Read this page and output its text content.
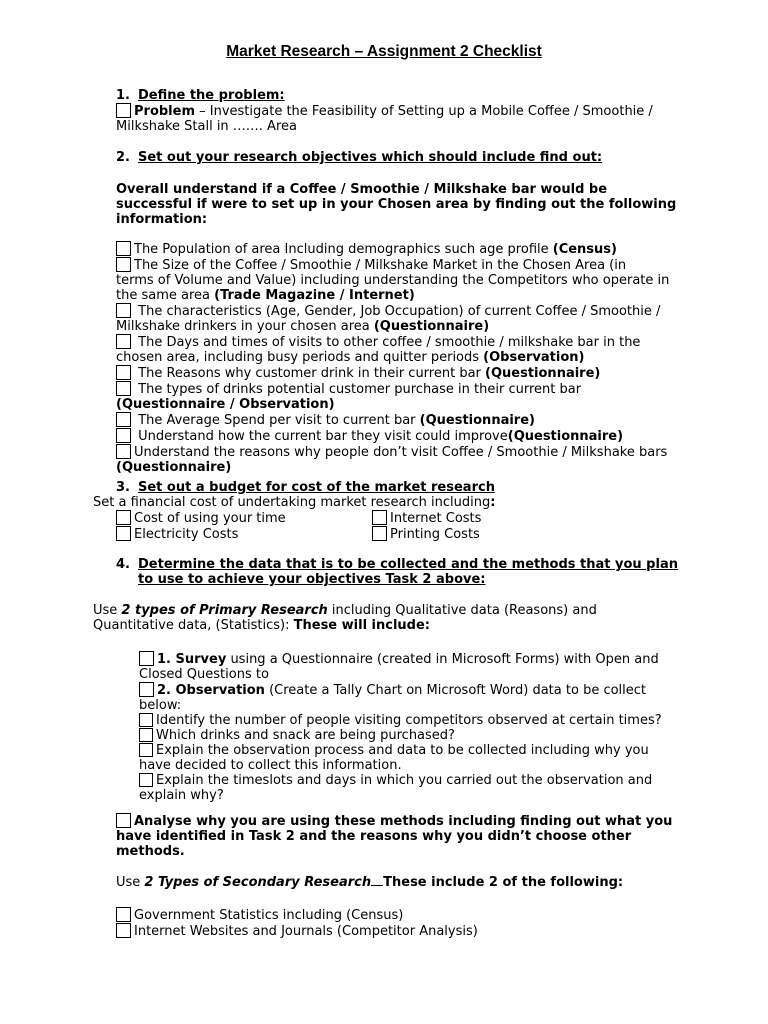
Market Research – Assignment 2 Checklist
1. Define the problem:
Problem – Investigate the Feasibility of Setting up a Mobile Coffee / Smoothie /
Milkshake Stall in ……. Area
2. Set out your research objectives which should include find out:
Overall understand if a Coffee / Smoothie / Milkshake bar would be
successful if were to set up in your Chosen area by finding out the following
information:
The Population of area Including demographics such age profile (Census)
The Size of the Coffee / Smoothie / Milkshake Market in the Chosen Area (in
terms of Volume and Value) including understanding the Competitors who operate in
the same area (Trade Magazine / Internet)
The characteristics (Age, Gender, Job Occupation) of current Coffee / Smoothie /
Milkshake drinkers in your chosen area (Questionnaire)
The Days and times of visits to other coffee / smoothie / milkshake bar in the
chosen area, including busy periods and quitter periods (Observation)
The Reasons why customer drink in their current bar (Questionnaire)
The types of drinks potential customer purchase in their current bar
(Questionnaire / Observation)
The Average Spend per visit to current bar (Questionnaire)
Understand how the current bar they visit could improve(Questionnaire)
Understand the reasons why people don’t visit Coffee / Smoothie / Milkshake bars
(Questionnaire)
3. Set out a budget for cost of the market research
Set a financial cost of undertaking market research including:
Cost of using your time
Electricity Costs
Internet Costs
Printing Costs
4. Determine the data that is to be collected and the methods that you plan
to use to achieve your objectives Task 2 above:
Use 2 types of Primary Research including Qualitative data (Reasons) and
Quantitative data, (Statistics): These will include:
1. Survey using a Questionnaire (created in Microsoft Forms) with Open and
Closed Questions to
2. Observation (Create a Tally Chart on Microsoft Word) data to be collect
below:
Identify the number of people visiting competitors observed at certain times?
Which drinks and snack are being purchased?
Explain the observation process and data to be collected including why you
have decided to collect this information.
Explain the timeslots and days in which you carried out the observation and
explain why?
Analyse why you are using these methods including finding out what you
have identified in Task 2 and the reasons why you didn’t choose other
methods.
Use 2 Types of Secondary Research These include 2 of the following:
Government Statistics including (Census)
Internet Websites and Journals (Competitor Analysis)
